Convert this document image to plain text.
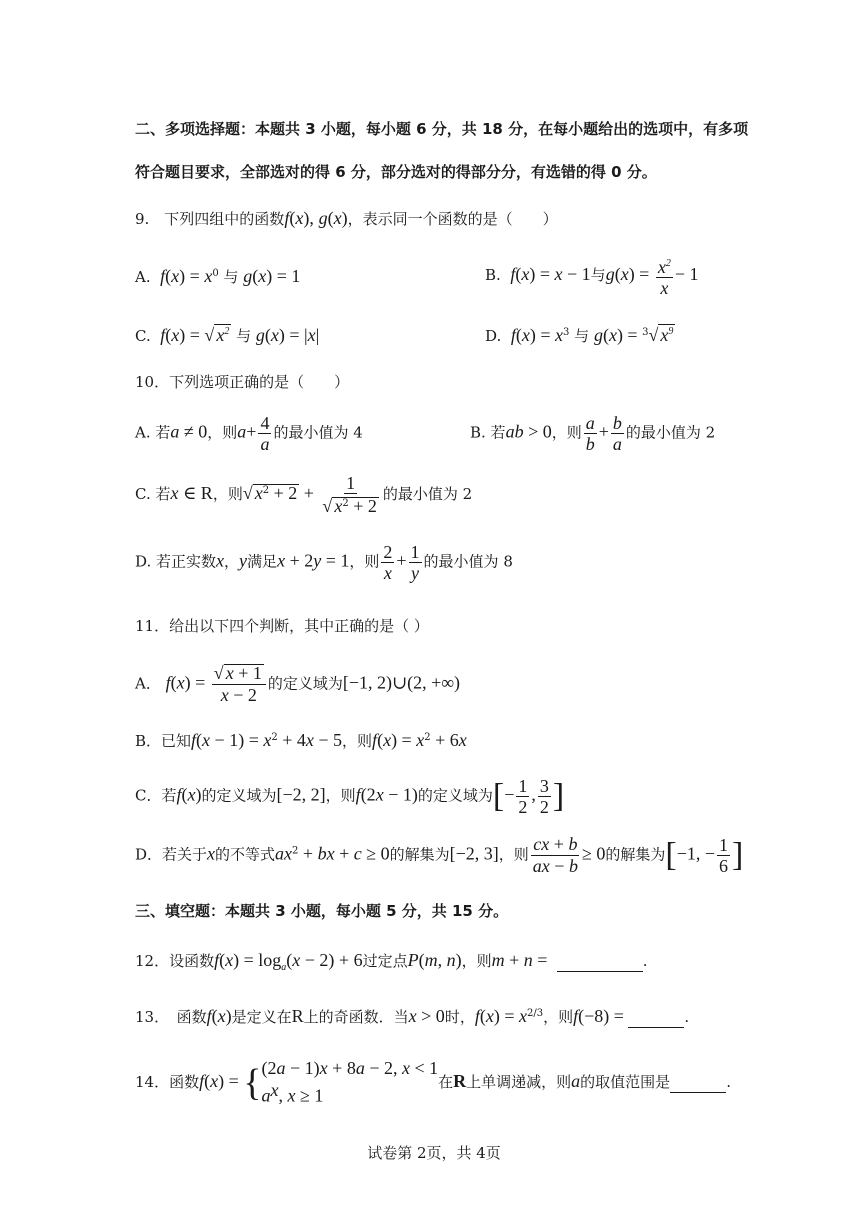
二、多项选择题：本题共 3 小题，每小题 6 分，共 18 分，在每小题给出的选项中，有多项
符合题目要求，全部选对的得 6 分，部分选对的得部分分，有选错的得 0 分。
9.　下列四组中的函数f(x), g(x)，表示同一个函数的是（　　）
A. $f(x) = x^0$ 与 g(x) = 1	B. f(x) = x − 1与$g(x) = \frac{x^2}{x} - 1$
C. f(x) = √ $x^2$ 与 g(x) = |x|	D. $f(x) = x^3$ 与 g(x) = $^3$√ $x^9$
10．下列选项正确的是（　　）
A. 若a ≠ 0，则$a+ \frac{4}{a}$ 的最小值为 4	B. 若ab > 0，则 $\frac{a}{b} + \frac{b}{a}$ 的最小值为 2
C. 若x ∈ R，则√ $x^2 + 2 + \frac{1}{√ x^2 + 2}$ 的最小值为 2
D. 若正实数x，y满足x + 2y = 1，则 $\frac{2}{x} + \frac{1}{y}$ 的最小值为 8
11．给出以下四个判断，其中正确的是（ ）
A． $f(x) = \frac{√ x + 1}{x - 2}$ 的定义域为[−1, 2)∪(2, +∞)
B．已知$f(x - 1) = x^2 + 4x - 5$，则$f(x) = x^2 + 6x$
C．若f(x)的定义域为[−2, 2]，则f(2x − 1)的定义域为[− $\frac{1}{2}$ , $\frac{3}{2}$ ]
D．若关于x的不等式$ax^2$ + bx + c ≥ 0的解集为[−2, 3]，则 $\frac{cx + b}{ax - b} \ge 0$的解集为[−1, − $\frac{1}{6}$ ]
三、填空题：本题共 3 小题，每小题 5 分，共 15 分。
12．设函数$f(x) = \log_a(x - 2) + 6$过定点P(m, n)，则m + n =	.
13．　函数f(x)是定义在R上的奇函数．当x > 0时，$f(x) = x^{2/3}$，则f(−8) =	.
14．函数f(x) = { (2a − 1)x + 8a − 2, x < 1
$a^x$, x ≥ 1
在R上单调递减，则a的取值范围是	.
试卷第 2页，共 4页
